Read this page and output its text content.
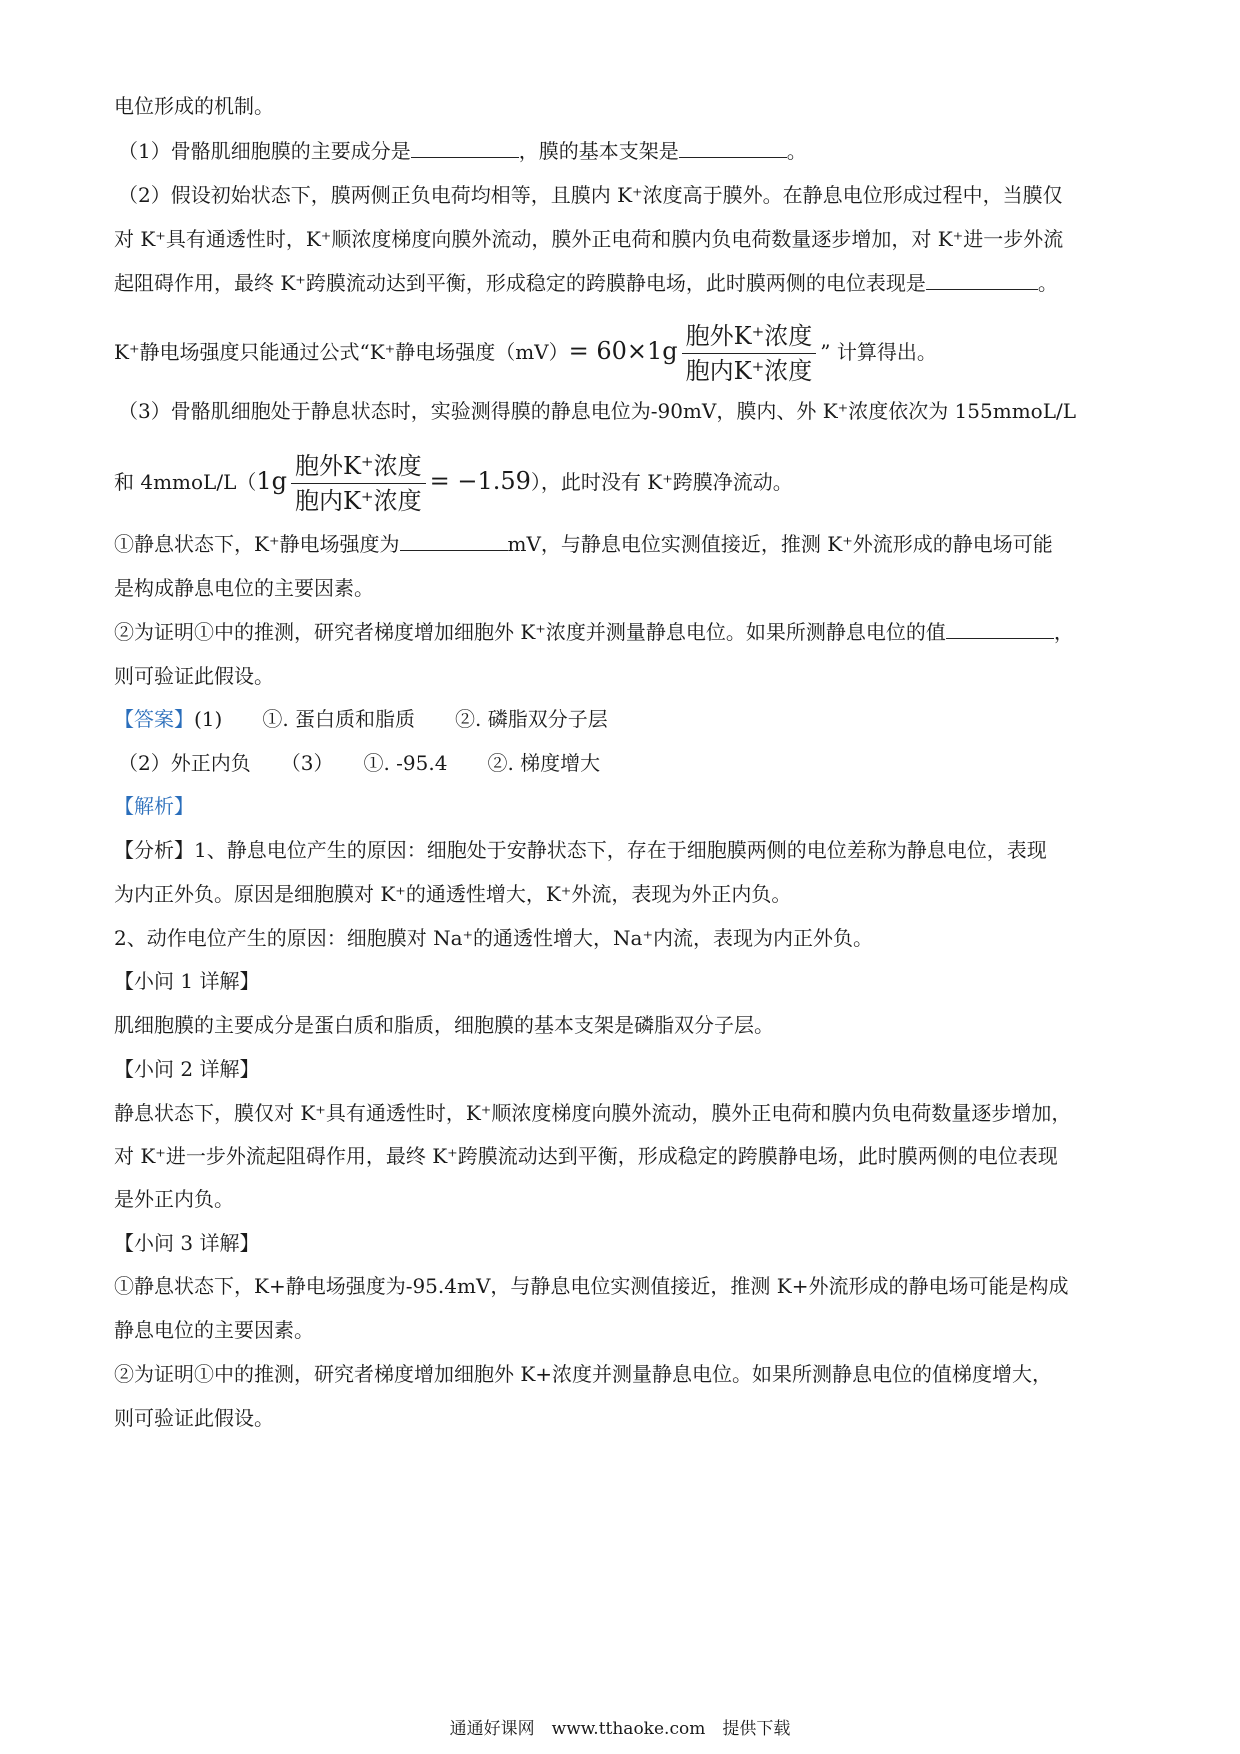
电位形成的机制。
（1）骨骼肌细胞膜的主要成分是	，膜的基本支架是	。
（2）假设初始状态下，膜两侧正负电荷均相等，且膜内 K⁺浓度高于膜外。在静息电位形成过程中，当膜仅
对 K⁺具有通透性时，K⁺顺浓度梯度向膜外流动，膜外正电荷和膜内负电荷数量逐步增加，对 K⁺进一步外流
起阻碍作用，最终 K⁺跨膜流动达到平衡，形成稳定的跨膜静电场，此时膜两侧的电位表现是	。
K⁺静电场强度只能通过公式“K⁺静电场强度$(mV)= 60\times 1g \frac{\text{胞外K⁺浓度}}{\text{胞内K⁺浓度}}$ ” 计算得出。
（3）骨骼肌细胞处于静息状态时，实验测得膜的静息电位为-90mV，膜内、外 K⁺浓度依次为 155mmoL/L
和 4mmoL/L（1g $\frac{\text{胞外K⁺浓度}}{\text{胞内K⁺浓度}} = -1.59$），此时没有 K⁺跨膜净流动。
①静息状态下，K⁺静电场强度为	mV，与静息电位实测值接近，推测 K⁺外流形成的静电场可能
是构成静息电位的主要因素。
②为证明①中的推测，研究者梯度增加细胞外 K⁺浓度并测量静息电位。如果所测静息电位的值	，
则可验证此假设。
【答案】(1)　　①. 蛋白质和脂质　　②. 磷脂双分子层
（2）外正内负　　（3）　　①. -95.4　　②. 梯度增大
【解析】
【分析】1、静息电位产生的原因：细胞处于安静状态下，存在于细胞膜两侧的电位差称为静息电位，表现
为内正外负。原因是细胞膜对 K⁺的通透性增大，K⁺外流，表现为外正内负。
2、动作电位产生的原因：细胞膜对 Na⁺的通透性增大，Na⁺内流，表现为内正外负。
【小问 1 详解】
肌细胞膜的主要成分是蛋白质和脂质，细胞膜的基本支架是磷脂双分子层。
【小问 2 详解】
静息状态下，膜仅对 K⁺具有通透性时，K⁺顺浓度梯度向膜外流动，膜外正电荷和膜内负电荷数量逐步增加，
对 K⁺进一步外流起阻碍作用，最终 K⁺跨膜流动达到平衡，形成稳定的跨膜静电场，此时膜两侧的电位表现
是外正内负。
【小问 3 详解】
①静息状态下，K+静电场强度为-95.4mV，与静息电位实测值接近，推测 K+外流形成的静电场可能是构成
静息电位的主要因素。
②为证明①中的推测，研究者梯度增加细胞外 K+浓度并测量静息电位。如果所测静息电位的值梯度增大，
则可验证此假设。
通通好课网　www.tthaoke.com　提供下载
